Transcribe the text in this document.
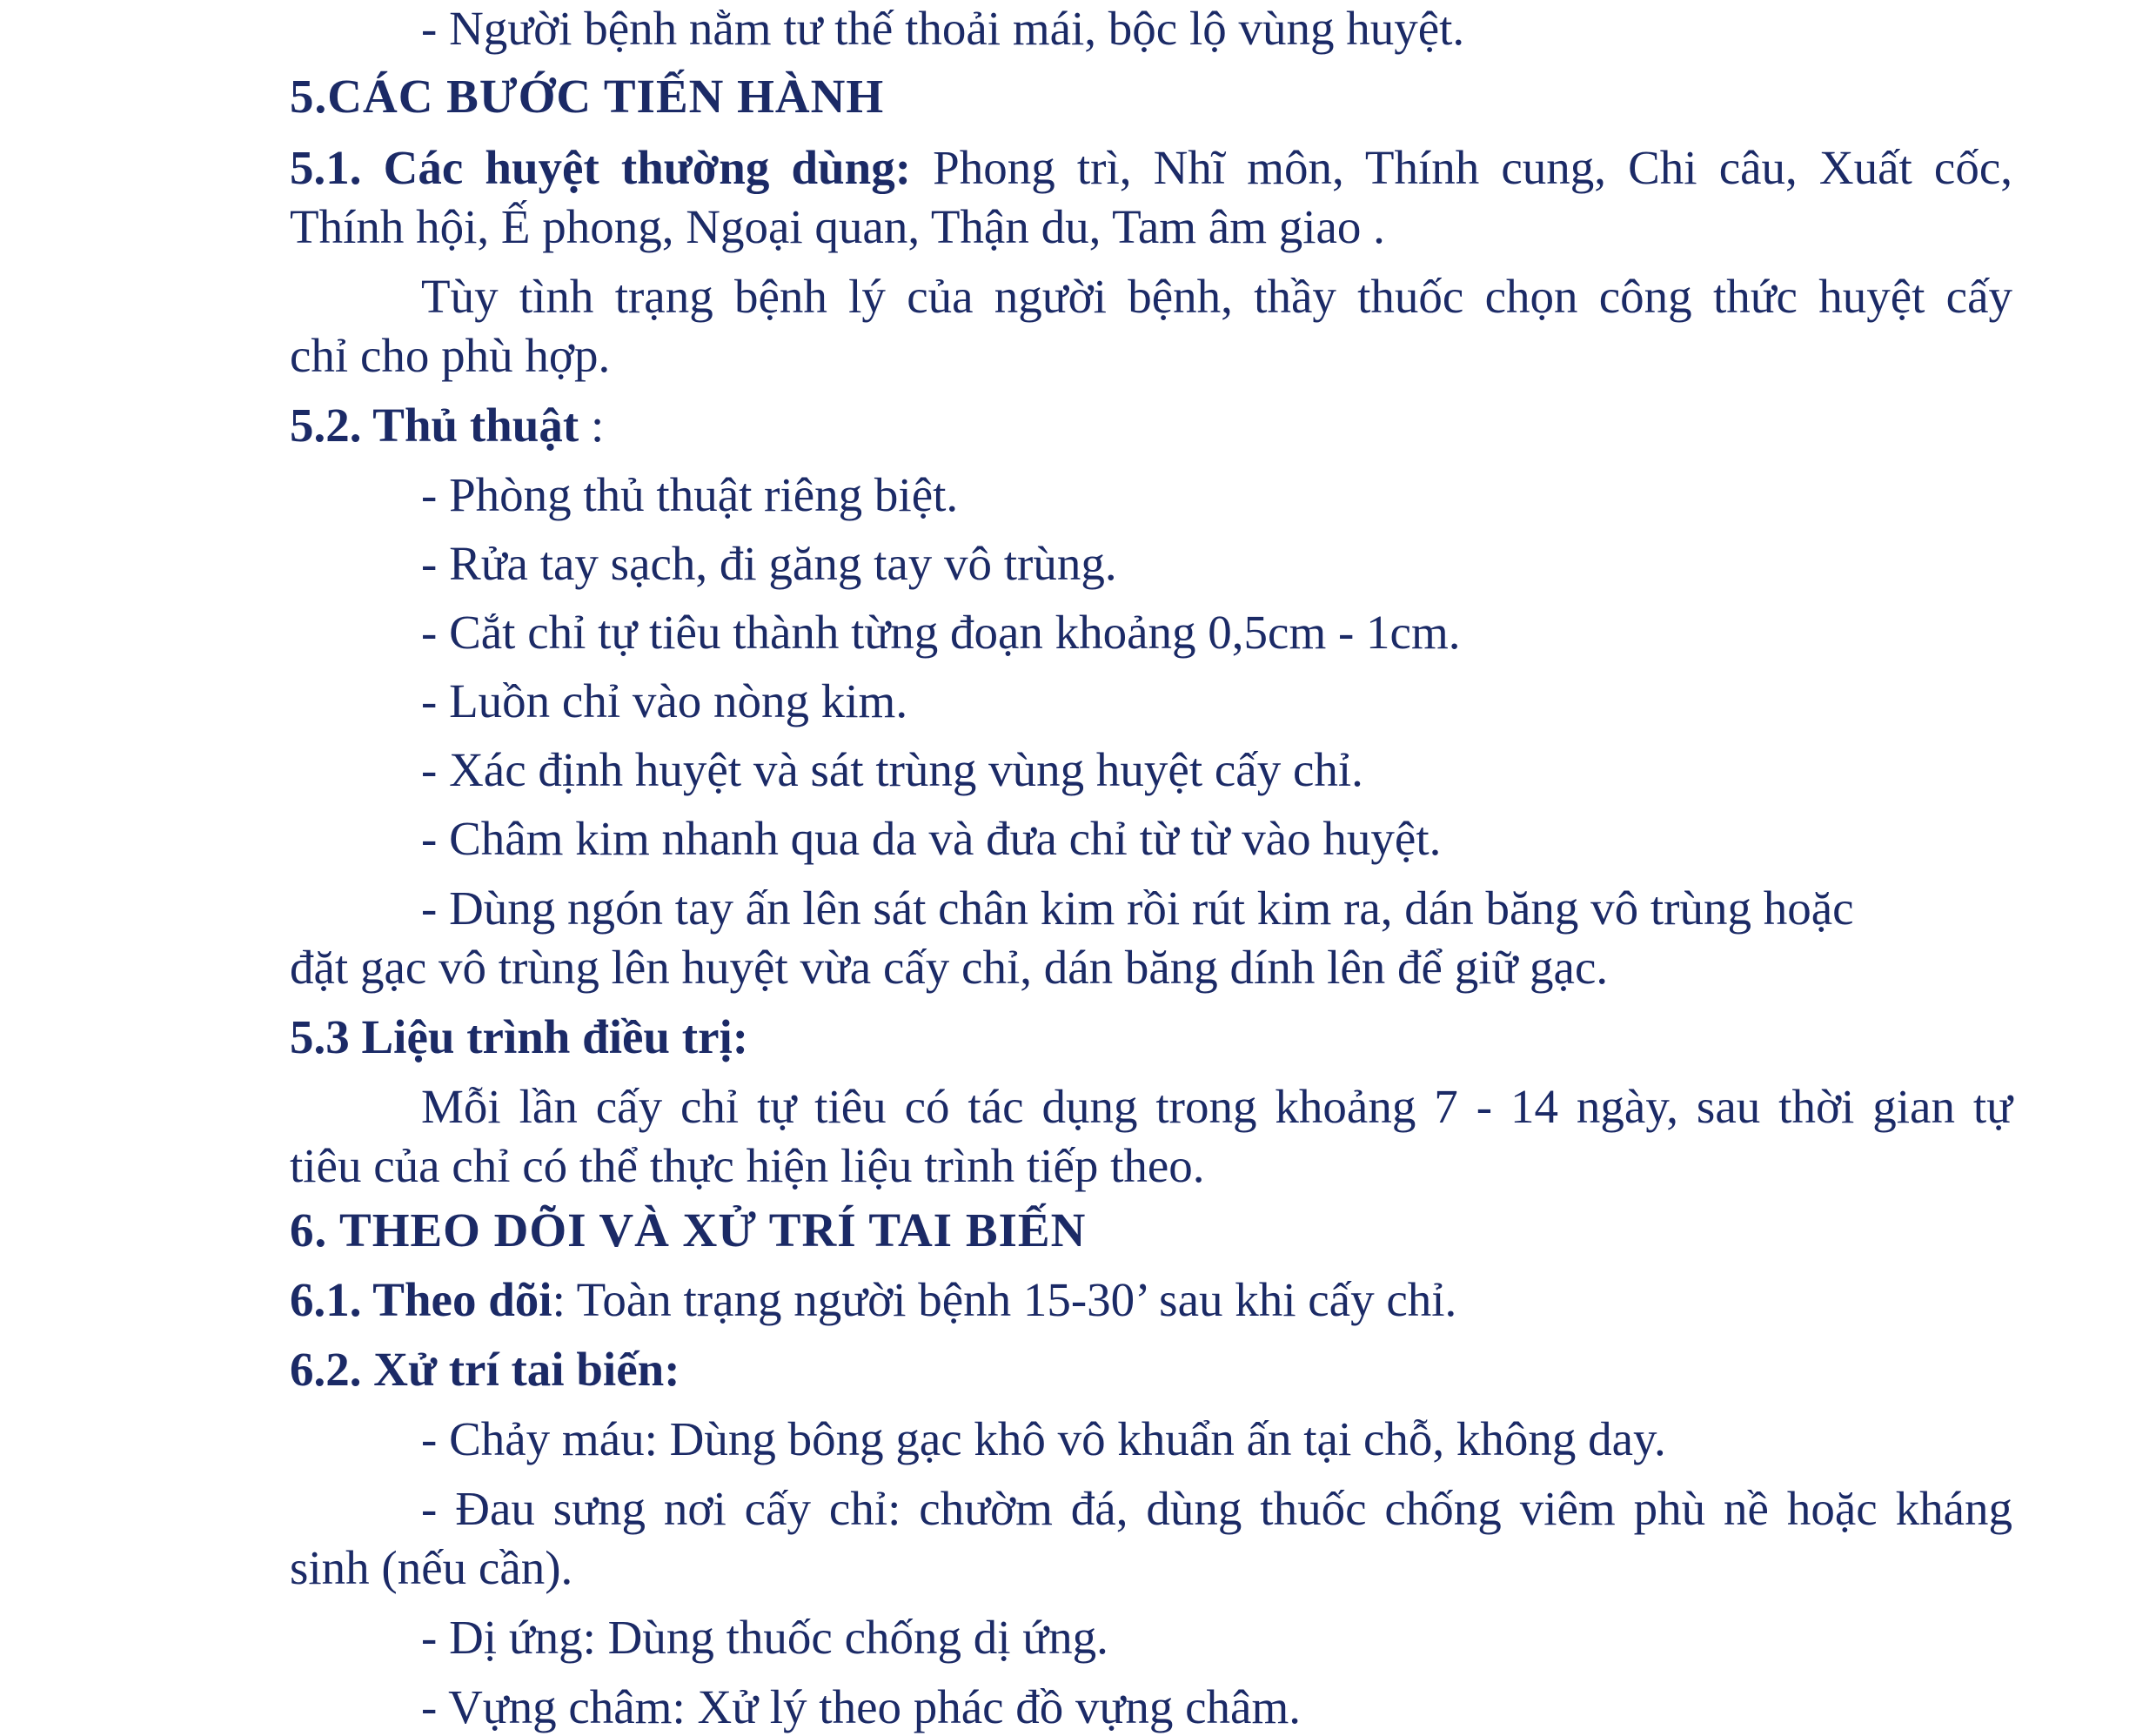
- Người bệnh nằm tư thế thoải mái, bộc lộ vùng huyệt.
5.CÁC BƯỚC TIẾN HÀNH
5.1. Các huyệt thường dùng: Phong trì, Nhĩ môn, Thính cung, Chi câu, Xuất cốc,
Thính hội, Ế phong, Ngoại quan, Thận du, Tam âm giao .
Tùy tình trạng bệnh lý của người bệnh, thầy thuốc chọn công thức huyệt cấy
chỉ cho phù hợp.
5.2. Thủ thuật :
- Phòng thủ thuật riêng biệt.
- Rửa tay sạch, đi găng tay vô trùng.
- Cắt chỉ tự tiêu thành từng đoạn khoảng 0,5cm - 1cm.
- Luồn chỉ vào nòng kim.
- Xác định huyệt và sát trùng vùng huyệt cấy chỉ.
- Châm kim nhanh qua da và đưa chỉ từ từ vào huyệt.
- Dùng ngón tay ấn lên sát chân kim rồi rút kim ra, dán băng vô trùng hoặc
đặt gạc vô trùng lên huyệt vừa cấy chỉ, dán băng dính lên để giữ gạc.
5.3 Liệu trình điều trị:
Mỗi lần cấy chỉ tự tiêu có tác dụng trong khoảng 7 - 14 ngày, sau thời gian tự
tiêu của chỉ có thể thực hiện liệu trình tiếp theo.
6. THEO DÕI VÀ XỬ TRÍ TAI BIẾN
6.1. Theo dõi: Toàn trạng người bệnh 15-30’ sau khi cấy chỉ.
6.2. Xử trí tai biến:
- Chảy máu: Dùng bông gạc khô vô khuẩn ấn tại chỗ, không day.
- Đau sưng nơi cấy chỉ: chườm đá, dùng thuốc chống viêm phù nề hoặc kháng
sinh (nếu cần).
- Dị ứng: Dùng thuốc chống dị ứng.
- Vựng châm: Xử lý theo phác đồ vựng châm.
